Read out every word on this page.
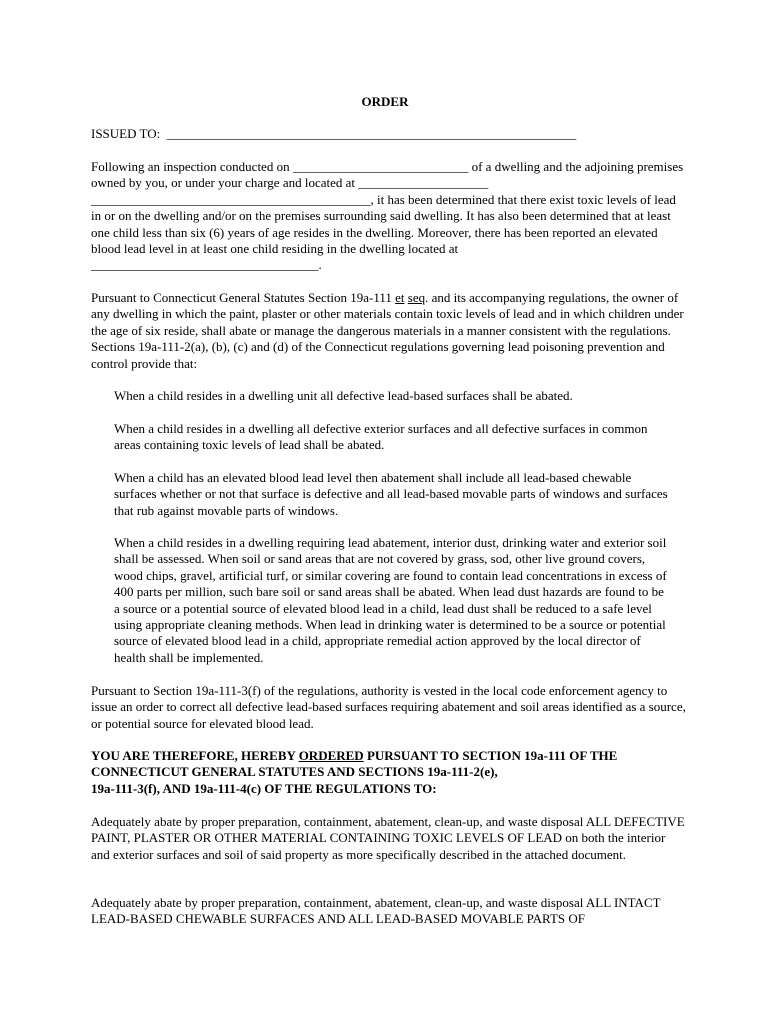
ORDER
ISSUED TO: _______________________________________________________________
Following an inspection conducted on ___________________________ of a dwelling and the adjoining premises owned by you, or under your charge and located at ____________________ ___________________________________________, it has been determined that there exist toxic levels of lead in or on the dwelling and/or on the premises surrounding said dwelling. It has also been determined that at least one child less than six (6) years of age resides in the dwelling. Moreover, there has been reported an elevated blood lead level in at least one child residing in the dwelling located at ___________________________________.
Pursuant to Connecticut General Statutes Section 19a-111 et seq. and its accompanying regulations, the owner of any dwelling in which the paint, plaster or other materials contain toxic levels of lead and in which children under the age of six reside, shall abate or manage the dangerous materials in a manner consistent with the regulations. Sections 19a-111-2(a), (b), (c) and (d) of the Connecticut regulations governing lead poisoning prevention and control provide that:
When a child resides in a dwelling unit all defective lead-based surfaces shall be abated.
When a child resides in a dwelling all defective exterior surfaces and all defective surfaces in common areas containing toxic levels of lead shall be abated.
When a child has an elevated blood lead level then abatement shall include all lead-based chewable surfaces whether or not that surface is defective and all lead-based movable parts of windows and surfaces that rub against movable parts of windows.
When a child resides in a dwelling requiring lead abatement, interior dust, drinking water and exterior soil shall be assessed. When soil or sand areas that are not covered by grass, sod, other live ground covers, wood chips, gravel, artificial turf, or similar covering are found to contain lead concentrations in excess of 400 parts per million, such bare soil or sand areas shall be abated. When lead dust hazards are found to be a source or a potential source of elevated blood lead in a child, lead dust shall be reduced to a safe level using appropriate cleaning methods. When lead in drinking water is determined to be a source or potential source of elevated blood lead in a child, appropriate remedial action approved by the local director of health shall be implemented.
Pursuant to Section 19a-111-3(f) of the regulations, authority is vested in the local code enforcement agency to issue an order to correct all defective lead-based surfaces requiring abatement and soil areas identified as a source, or potential source for elevated blood lead.
YOU ARE THEREFORE, HEREBY ORDERED PURSUANT TO SECTION 19a-111 OF THE CONNECTICUT GENERAL STATUTES AND SECTIONS 19a-111-2(e),
19a-111-3(f), AND 19a-111-4(c) OF THE REGULATIONS TO:
Adequately abate by proper preparation, containment, abatement, clean-up, and waste disposal ALL DEFECTIVE PAINT, PLASTER OR OTHER MATERIAL CONTAINING TOXIC LEVELS OF LEAD on both the interior and exterior surfaces and soil of said property as more specifically described in the attached document.
Adequately abate by proper preparation, containment, abatement, clean-up, and waste disposal ALL INTACT LEAD-BASED CHEWABLE SURFACES AND ALL LEAD-BASED MOVABLE PARTS OF
